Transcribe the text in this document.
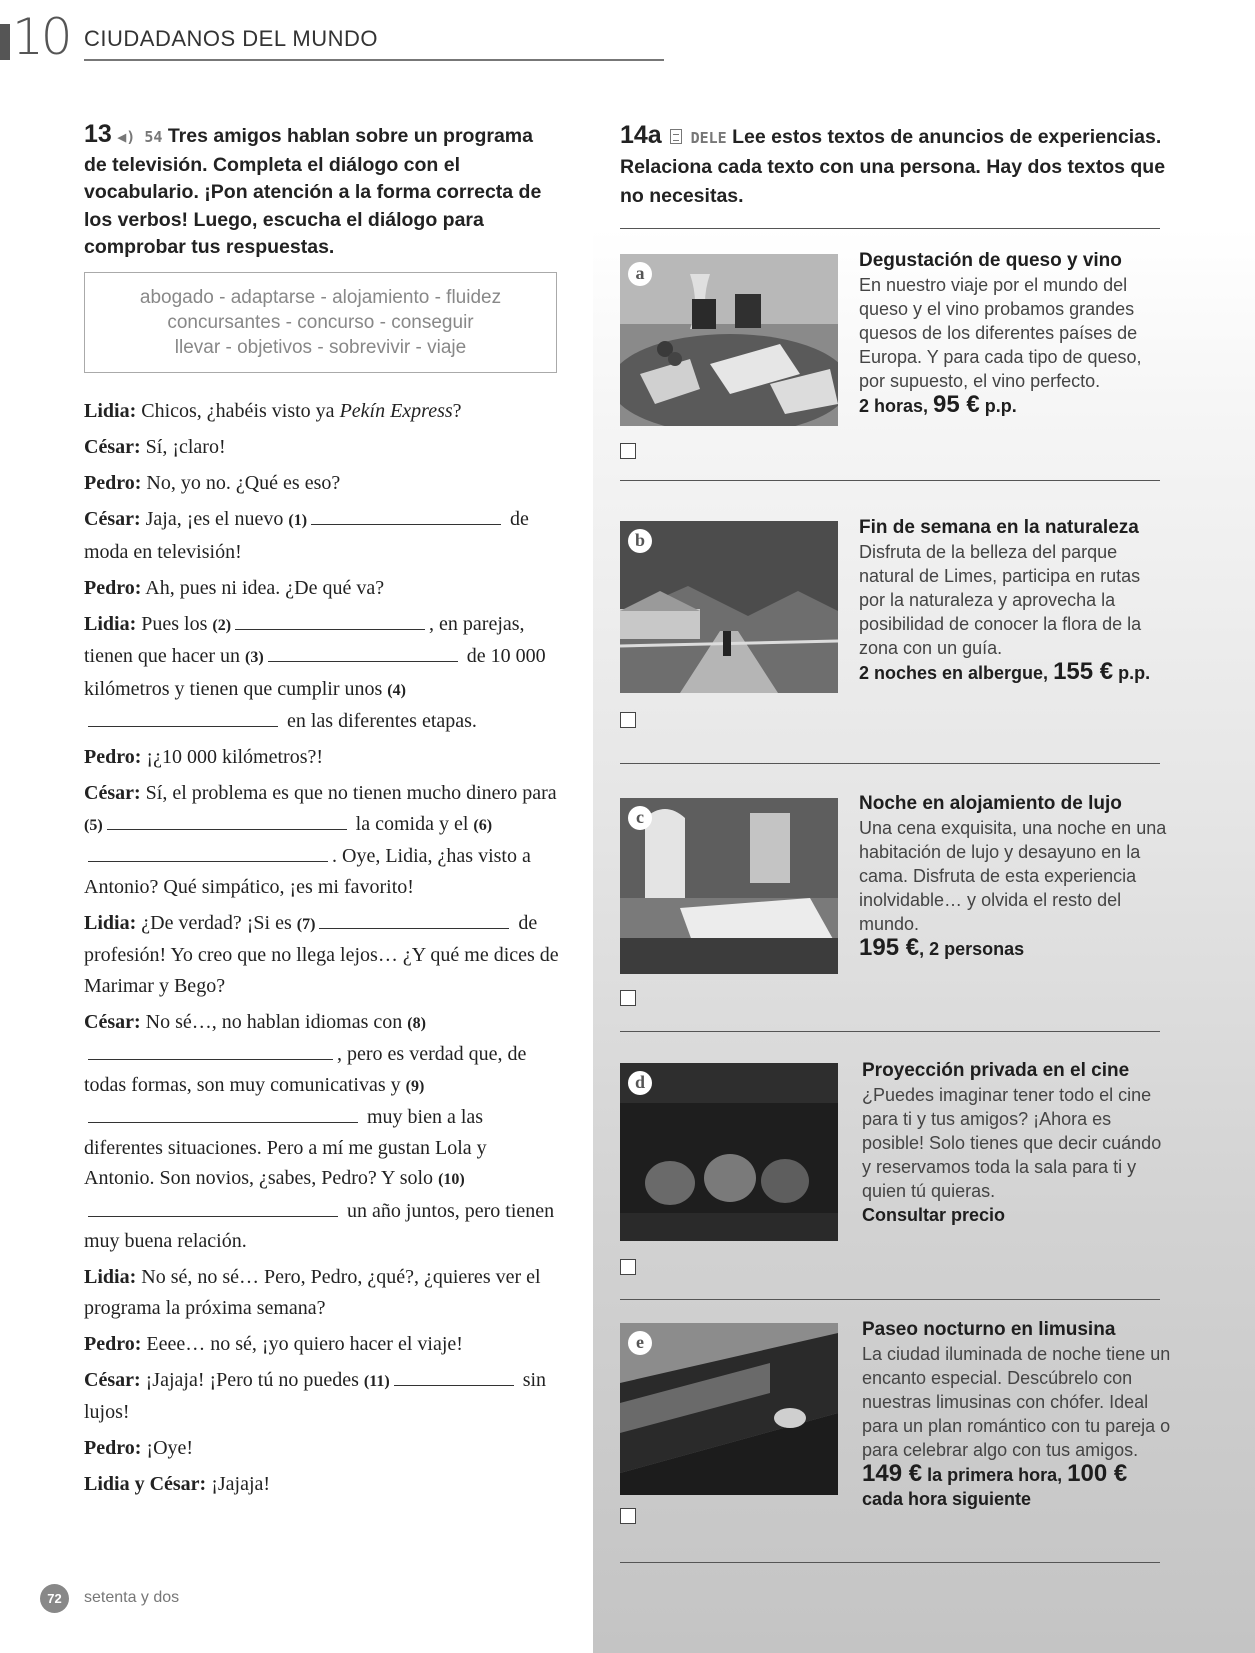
10 CIUDADANOS DEL MUNDO
13 ◀) 54 Tres amigos hablan sobre un programa de televisión. Completa el diálogo con el vocabulario. ¡Pon atención a la forma correcta de los verbos! Luego, escucha el diálogo para comprobar tus respuestas.
abogado - adaptarse - alojamiento - fluidez
concursantes - concurso - conseguir
llevar - objetivos - sobrevivir - viaje
Lidia: Chicos, ¿habéis visto ya Pekín Express?
César: Sí, ¡claro!
Pedro: No, yo no. ¿Qué es eso?
César: Jaja, ¡es el nuevo (1)	de moda en televisión!
Pedro: Ah, pues ni idea. ¿De qué va?
Lidia: Pues los (2)	, en parejas, tienen que hacer un (3)	de 10 000 kilómetros y tienen que cumplir unos (4) en las diferentes etapas.
Pedro: ¡¿10 000 kilómetros?!
César: Sí, el problema es que no tienen mucho dinero para (5)	la comida y el (6). Oye, Lidia, ¿has visto a Antonio? Qué simpático, ¡es mi favorito!
Lidia: ¿De verdad? ¡Si es (7)	de profesión! Yo creo que no llega lejos… ¿Y qué me dices de Marimar y Bego?
César: No sé…, no hablan idiomas con (8), pero es verdad que, de todas formas, son muy comunicativas y (9) muy bien a las diferentes situaciones. Pero a mí me gustan Lola y Antonio. Son novios, ¿sabes, Pedro? Y solo (10) un año juntos, pero tienen muy buena relación.
Lidia: No sé, no sé… Pero, Pedro, ¿qué?, ¿quieres ver el programa la próxima semana?
Pedro: Eeee… no sé, ¡yo quiero hacer el viaje!
César: ¡Jajaja! ¡Pero tú no puedes (11)	sin lujos!
Pedro: ¡Oye!
Lidia y César: ¡Jajaja!
72	setenta y dos
14a DELE Lee estos textos de anuncios de experiencias. Relaciona cada texto con una persona. Hay dos textos que no necesitas.
a
Degustación de queso y vino
En nuestro viaje por el mundo del queso y el vino probamos grandes quesos de los diferentes países de Europa. Y para cada tipo de queso, por supuesto, el vino perfecto.
2 horas, 95 € p.p.
b
Fin de semana en la naturaleza
Disfruta de la belleza del parque natural de Limes, participa en rutas por la naturaleza y aprovecha la posibilidad de conocer la flora de la zona con un guía.
2 noches en albergue, 155 € p.p.
c
Noche en alojamiento de lujo
Una cena exquisita, una noche en una habitación de lujo y desayuno en la cama. Disfruta de esta experiencia inolvidable… y olvida el resto del mundo.
195 €, 2 personas
d
Proyección privada en el cine
¿Puedes imaginar tener todo el cine para ti y tus amigos? ¡Ahora es posible! Solo tienes que decir cuándo y reservamos toda la sala para ti y quien tú quieras.
Consultar precio
e
Paseo nocturno en limusina
La ciudad iluminada de noche tiene un encanto especial. Descúbrelo con nuestras limusinas con chófer. Ideal para un plan romántico con tu pareja o para celebrar algo con tus amigos.
149 € la primera hora, 100 € cada hora siguiente
